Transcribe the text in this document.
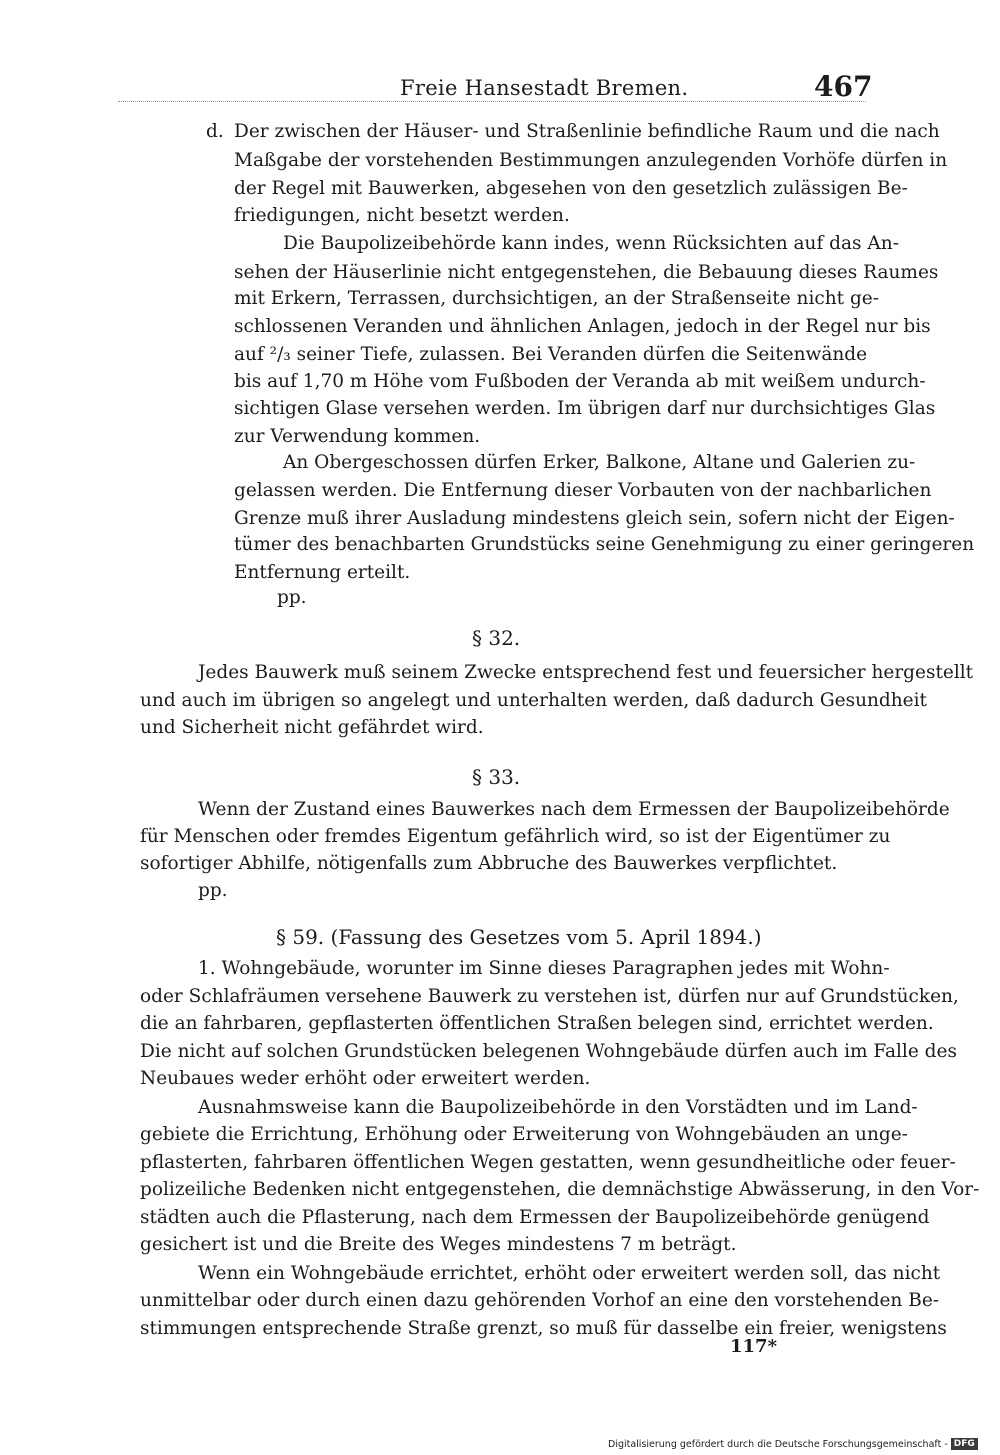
Freie Hansestadt Bremen.	467
d. Der zwischen der Häuser- und Straßenlinie befindliche Raum und die nach
Maßgabe der vorstehenden Bestimmungen anzulegenden Vorhöfe dürfen in
der Regel mit Bauwerken, abgesehen von den gesetzlich zulässigen Be-
friedigungen, nicht besetzt werden.
Die Baupolizeibehörde kann indes, wenn Rücksichten auf das An-
sehen der Häuserlinie nicht entgegenstehen, die Bebauung dieses Raumes
mit Erkern, Terrassen, durchsichtigen, an der Straßenseite nicht ge-
schlossenen Veranden und ähnlichen Anlagen, jedoch in der Regel nur bis
auf ²/₃ seiner Tiefe, zulassen. Bei Veranden dürfen die Seitenwände
bis auf 1,70 m Höhe vom Fußboden der Veranda ab mit weißem undurch-
sichtigen Glase versehen werden. Im übrigen darf nur durchsichtiges Glas
zur Verwendung kommen.
An Obergeschossen dürfen Erker, Balkone, Altane und Galerien zu-
gelassen werden. Die Entfernung dieser Vorbauten von der nachbarlichen
Grenze muß ihrer Ausladung mindestens gleich sein, sofern nicht der Eigen-
tümer des benachbarten Grundstücks seine Genehmigung zu einer geringeren
Entfernung erteilt.
pp.
§ 32.
Jedes Bauwerk muß seinem Zwecke entsprechend fest und feuersicher hergestellt
und auch im übrigen so angelegt und unterhalten werden, daß dadurch Gesundheit
und Sicherheit nicht gefährdet wird.
§ 33.
Wenn der Zustand eines Bauwerkes nach dem Ermessen der Baupolizeibehörde
für Menschen oder fremdes Eigentum gefährlich wird, so ist der Eigentümer zu
sofortiger Abhilfe, nötigenfalls zum Abbruche des Bauwerkes verpflichtet.
pp.
§ 59. (Fassung des Gesetzes vom 5. April 1894.)
1. Wohngebäude, worunter im Sinne dieses Paragraphen jedes mit Wohn-
oder Schlafräumen versehene Bauwerk zu verstehen ist, dürfen nur auf Grundstücken,
die an fahrbaren, gepflasterten öffentlichen Straßen belegen sind, errichtet werden.
Die nicht auf solchen Grundstücken belegenen Wohngebäude dürfen auch im Falle des
Neubaues weder erhöht oder erweitert werden.
Ausnahmsweise kann die Baupolizeibehörde in den Vorstädten und im Land-
gebiete die Errichtung, Erhöhung oder Erweiterung von Wohngebäuden an unge-
pflasterten, fahrbaren öffentlichen Wegen gestatten, wenn gesundheitliche oder feuer-
polizeiliche Bedenken nicht entgegenstehen, die demnächstige Abwässerung, in den Vor-
städten auch die Pflasterung, nach dem Ermessen der Baupolizeibehörde genügend
gesichert ist und die Breite des Weges mindestens 7 m beträgt.
Wenn ein Wohngebäude errichtet, erhöht oder erweitert werden soll, das nicht
unmittelbar oder durch einen dazu gehörenden Vorhof an eine den vorstehenden Be-
stimmungen entsprechende Straße grenzt, so muß für dasselbe ein freier, wenigstens
117*
Digitalisierung gefördert durch die Deutsche Forschungsgemeinschaft - DFG
